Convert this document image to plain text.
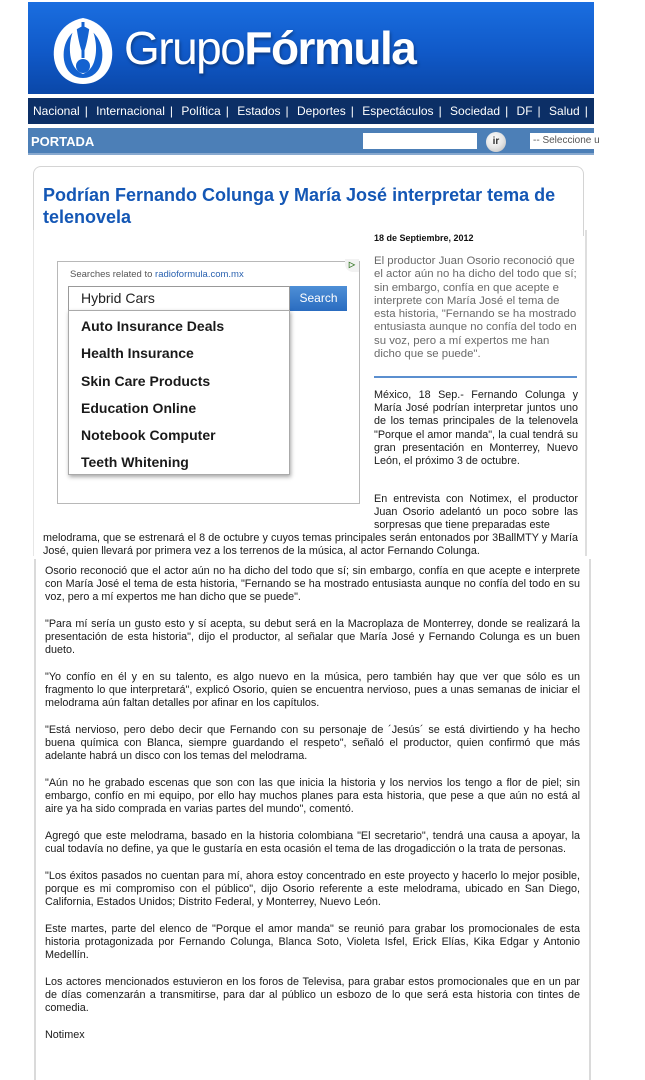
GrupoFórmula
Nacional | Internacional | Política | Estados | Deportes | Espectáculos | Sociedad | DF | Salud | Finanzas
PORTADA	ir	-- Seleccione u
Podrían Fernando Colunga y María José interpretar tema de telenovela
18 de Septiembre, 2012
El productor Juan Osorio reconoció que el actor aún no ha dicho del todo que sí; sin embargo, confía en que acepte e interprete con María José el tema de esta historia, "Fernando se ha mostrado entusiasta aunque no confía del todo en su voz, pero a mí expertos me han dicho que se puede".
México, 18 Sep.- Fernando Colunga y María José podrían interpretar juntos uno de los temas principales de la telenovela "Porque el amor manda", la cual tendrá su gran presentación en Monterrey, Nuevo León, el próximo 3 de octubre.
En entrevista con Notimex, el productor Juan Osorio adelantó un poco sobre las sorpresas que tiene preparadas este
melodrama, que se estrenará el 8 de octubre y cuyos temas principales serán entonados por 3BallMTY y María José, quien llevará por primera vez a los terrenos de la música, al actor Fernando Colunga.
Searches related to radioformula.com.mx
Hybrid Cars	Search
Auto Insurance Deals
Health Insurance
Skin Care Products
Education Online
Notebook Computer
Teeth Whitening
▷

Osorio reconoció que el actor aún no ha dicho del todo que sí; sin embargo, confía en que acepte e interprete con María José el tema de esta historia, "Fernando se ha mostrado entusiasta aunque no confía del todo en su voz, pero a mí expertos me han dicho que se puede".

"Para mí sería un gusto esto y sí acepta, su debut será en la Macroplaza de Monterrey, donde se realizará la presentación de esta historia", dijo el productor, al señalar que María José y Fernando Colunga es un buen dueto.

"Yo confío en él y en su talento, es algo nuevo en la música, pero también hay que ver que sólo es un fragmento lo que interpretará", explicó Osorio, quien se encuentra nervioso, pues a unas semanas de iniciar el melodrama aún faltan detalles por afinar en los capítulos.

"Está nervioso, pero debo decir que Fernando con su personaje de ´Jesús´ se está divirtiendo y ha hecho buena química con Blanca, siempre guardando el respeto", señaló el productor, quien confirmó que más adelante habrá un disco con los temas del melodrama.

"Aún no he grabado escenas que son con las que inicia la historia y los nervios los tengo a flor de piel; sin embargo, confío en mi equipo, por ello hay muchos planes para esta historia, que pese a que aún no está al aire ya ha sido comprada en varias partes del mundo", comentó.

Agregó que este melodrama, basado en la historia colombiana "El secretario", tendrá una causa a apoyar, la cual todavía no define, ya que le gustaría en esta ocasión el tema de las drogadicción o la trata de personas.

"Los éxitos pasados no cuentan para mí, ahora estoy concentrado en este proyecto y hacerlo lo mejor posible, porque es mi compromiso con el público", dijo Osorio referente a este melodrama, ubicado en San Diego, California, Estados Unidos; Distrito Federal, y Monterrey, Nuevo León.

Este martes, parte del elenco de "Porque el amor manda" se reunió para grabar los promocionales de esta historia protagonizada por Fernando Colunga, Blanca Soto, Violeta Isfel, Erick Elías, Kika Edgar y Antonio Medellín.

Los actores mencionados estuvieron en los foros de Televisa, para grabar estos promocionales que en un par de días comenzarán a transmitirse, para dar al público un esbozo de lo que será esta historia con tintes de comedia.

Notimex
